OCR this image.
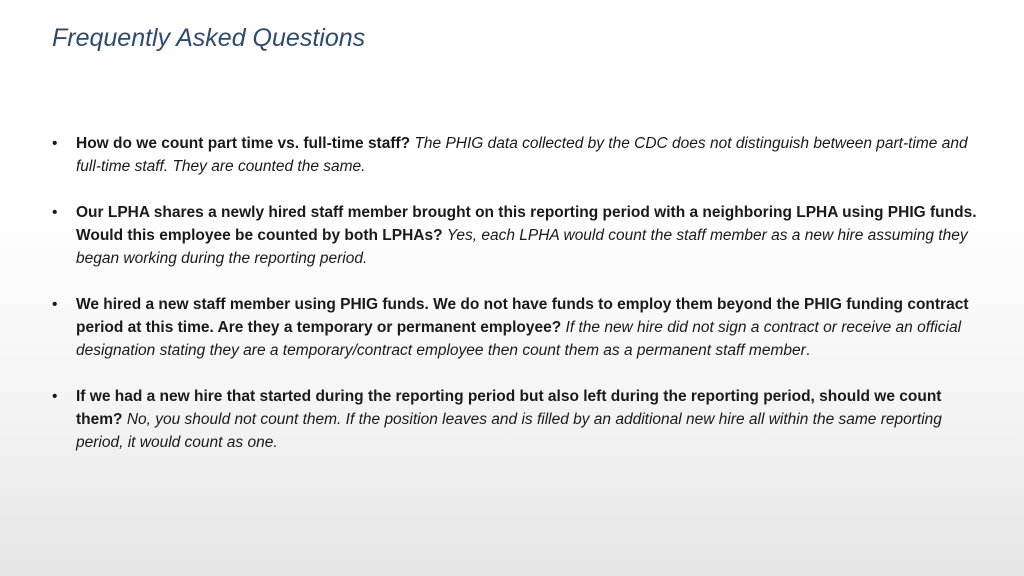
Frequently Asked Questions
• How do we count part time vs. full-time staff? The PHIG data collected by the CDC does not distinguish between part-time and full-time staff. They are counted the same.
• Our LPHA shares a newly hired staff member brought on this reporting period with a neighboring LPHA using PHIG funds. Would this employee be counted by both LPHAs? Yes, each LPHA would count the staff member as a new hire assuming they began working during the reporting period.
• We hired a new staff member using PHIG funds. We do not have funds to employ them beyond the PHIG funding contract period at this time. Are they a temporary or permanent employee? If the new hire did not sign a contract or receive an official designation stating they are a temporary/contract employee then count them as a permanent staff member.
• If we had a new hire that started during the reporting period but also left during the reporting period, should we count them? No, you should not count them. If the position leaves and is filled by an additional new hire all within the same reporting period, it would count as one.
